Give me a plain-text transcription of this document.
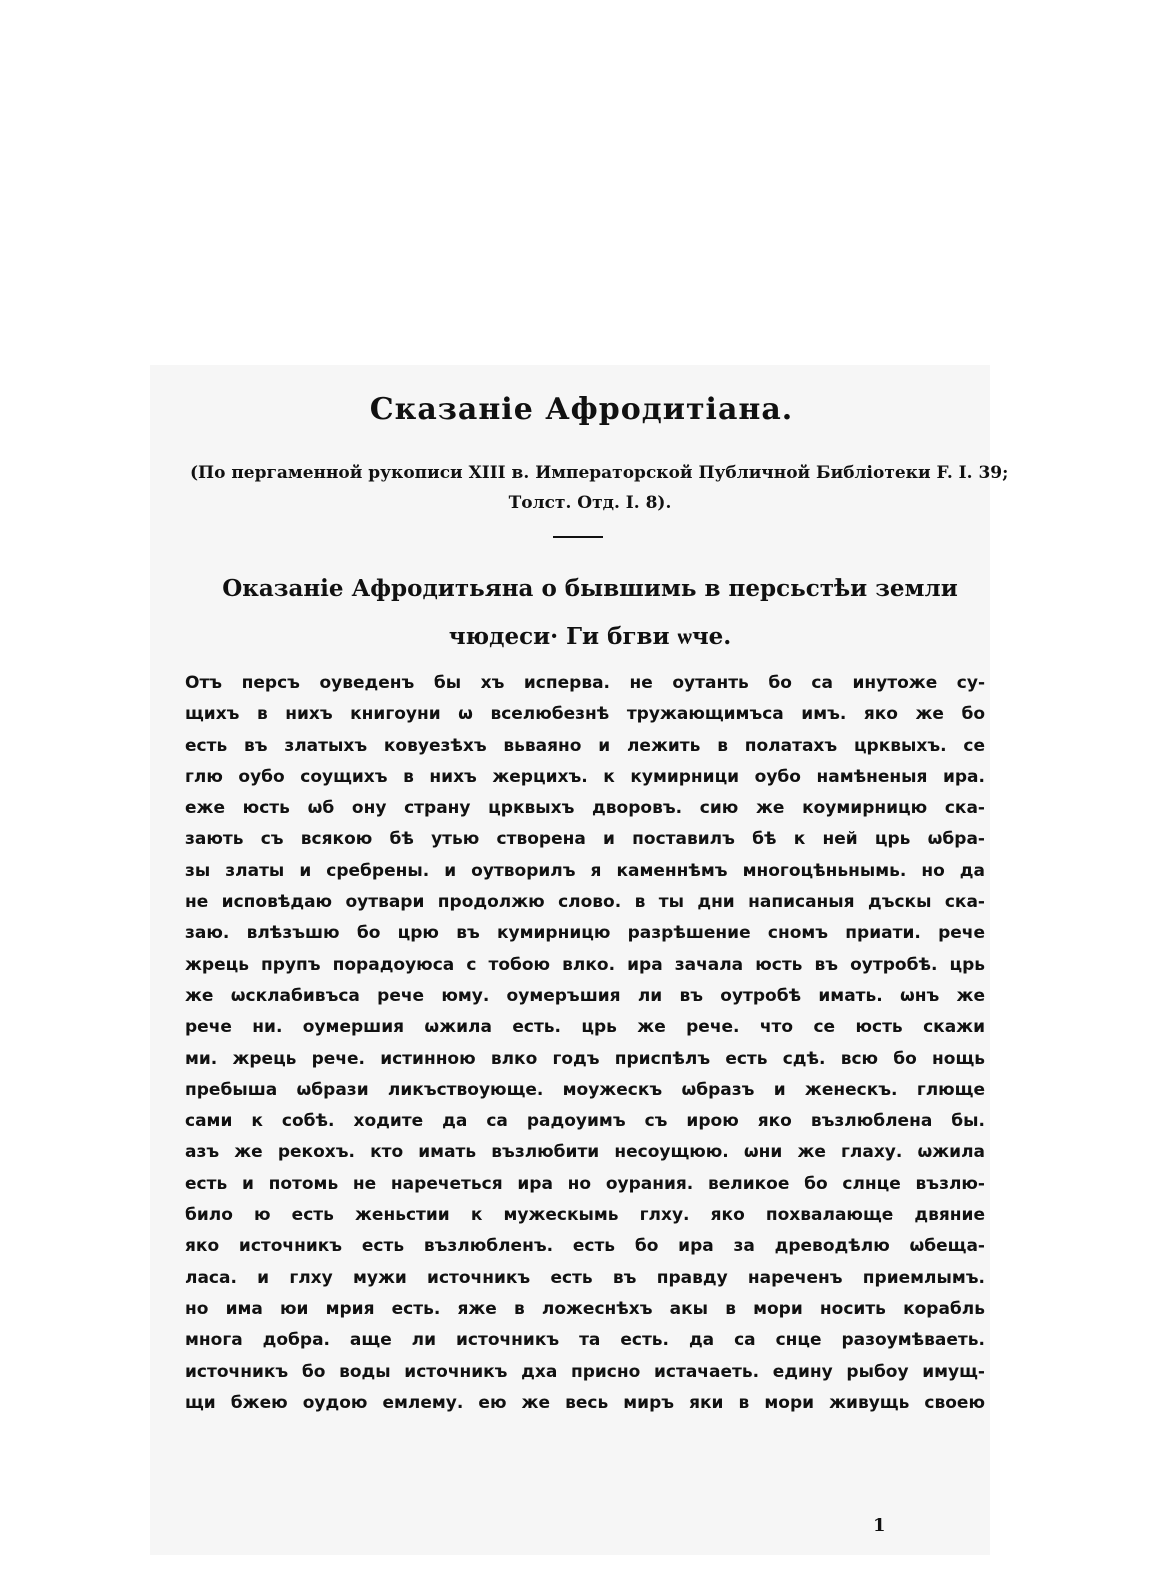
Сказаніе Афродитіана.
(По пергаменной рукописи XIII в. Императорской Публичной Библіотеки F. I. 39;
Толст. Отд. I. 8).
Оказаніе Афродитьяна о бывшимь в персьстѣи земли
чюдеси· Ги бгви ѡче.
Отъ персъ оуведенъ бы хъ исперва. не оутанть бо са инутоже су-
щихъ в нихъ книгоуни ѡ вселюбезнѣ тружающимъса имъ. яко же бо
есть въ златыхъ ковуезѣхъ вьваяно и лежить в полатахъ црквыхъ. се
глю оубо соущихъ в нихъ жерцихъ. к кумирници оубо намѣненыя ира.
еже юсть ѡб ону страну црквыхъ дворовъ. сию же коумирницю ска-
зають съ всякою бѣ утью створена и поставилъ бѣ к ней црь ѡбра-
зы златы и сребрены. и оутворилъ я каменнѣмъ многоцѣньнымь. но да
не исповѣдаю оутвари продолжю слово. в ты дни написаныя дъскы ска-
заю. влѣзъшю бо црю въ кумирницю разрѣшение сномъ приати. рече
жрець прупъ порадоуюса с тобою влко. ира зачала юсть въ оутробѣ. црь
же ѡсклабивъса рече юму. оумеръшия ли въ оутробѣ имать. ѡнъ же
рече ни. оумершия ѡжила есть. црь же рече. что се юсть скажи
ми. жрець рече. истинною влко годъ приспѣлъ есть сдѣ. всю бо нощь
пребыша ѡбрази ликъствоующе. моужескъ ѡбразъ и женескъ. глюще
сами к собѣ. ходите да са радоуимъ съ ирою яко възлюблена бы.
азъ же рекохъ. кто имать възлюбити несоущюю. ѡни же глаху. ѡжила
есть и потомь не наречеться ира но оурания. великое бо слнце възлю-
било ю есть женьстии к мужескымь глху. яко похвалающе двяние
яко источникъ есть възлюбленъ. есть бо ира за древодѣлю ѡбеща-
ласа. и глху мужи источникъ есть въ правду нареченъ приемлымъ.
но има юи мрия есть. яже в ложеснѣхъ акы в мори носить корабль
многа добра. аще ли источникъ та есть. да са снце разоумѣваеть.
источникъ бо воды источникъ дха присно истачаеть. едину рыбоу имущ-
щи бжею оудою емлему. ею же весь миръ яки в мори живущь своею
1
